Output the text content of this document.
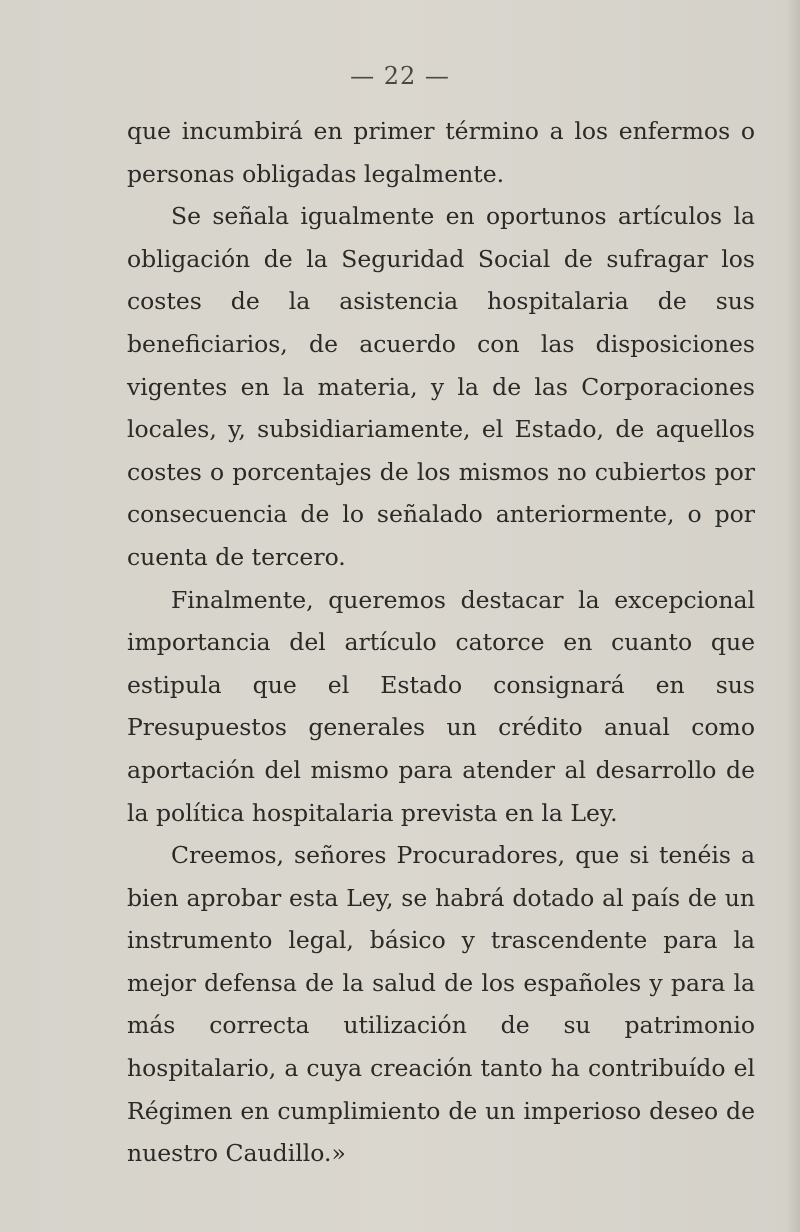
— 22 —

que incumbirá en primer término a los enfermos o personas obligadas legalmente.

Se señala igualmente en oportunos artículos la obligación de la Seguridad Social de sufragar los costes de la asistencia hospitalaria de sus beneficiarios, de acuerdo con las disposiciones vigentes en la materia, y la de las Corporaciones locales, y, subsidiariamente, el Estado, de aquellos costes o porcentajes de los mismos no cubiertos por consecuencia de lo señalado anteriormente, o por cuenta de tercero.

Finalmente, queremos destacar la excepcional importancia del artículo catorce en cuanto que estipula que el Estado consignará en sus Presupuestos generales un crédito anual como aportación del mismo para atender al desarrollo de la política hospitalaria prevista en la Ley.

Creemos, señores Procuradores, que si tenéis a bien aprobar esta Ley, se habrá dotado al país de un instrumento legal, básico y trascendente para la mejor defensa de la salud de los españoles y para la más correcta utilización de su patrimonio hospitalario, a cuya creación tanto ha contribuído el Régimen en cumplimiento de un imperioso deseo de nuestro Caudillo.»
